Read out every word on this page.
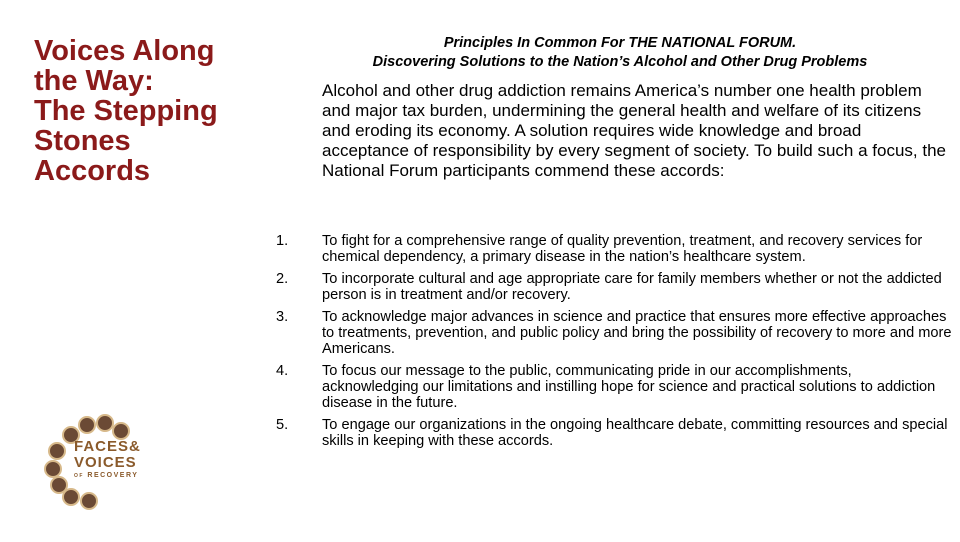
Voices Along
the Way:
The Stepping
Stones
Accords
Principles In Common For THE NATIONAL FORUM.
Discovering Solutions to the Nation’s Alcohol and Other Drug Problems

Alcohol and other drug addiction remains America’s number one health problem and major tax burden, undermining the general health and welfare of its citizens and eroding its economy. A solution requires wide knowledge and broad acceptance of responsibility by every segment of society. To build such a focus, the National Forum participants commend these accords:

1.	To fight for a comprehensive range of quality prevention, treatment, and recovery services for chemical dependency, a primary disease in the nation’s healthcare system.
2.	To incorporate cultural and age appropriate care for family members whether or not the addicted person is in treatment and/or recovery.
3.	To acknowledge major advances in science and practice that ensures more effective approaches to treatments, prevention, and public policy and bring the possibility of recovery to more and more Americans.
4.	To focus our message to the public, communicating pride in our accomplishments, acknowledging our limitations and instilling hope for science and practical solutions to addiction disease in the future.
5.	To engage our organizations in the ongoing healthcare debate, committing resources and special skills in keeping with these accords.
FACES&
VOICES
OF RECOVERY
